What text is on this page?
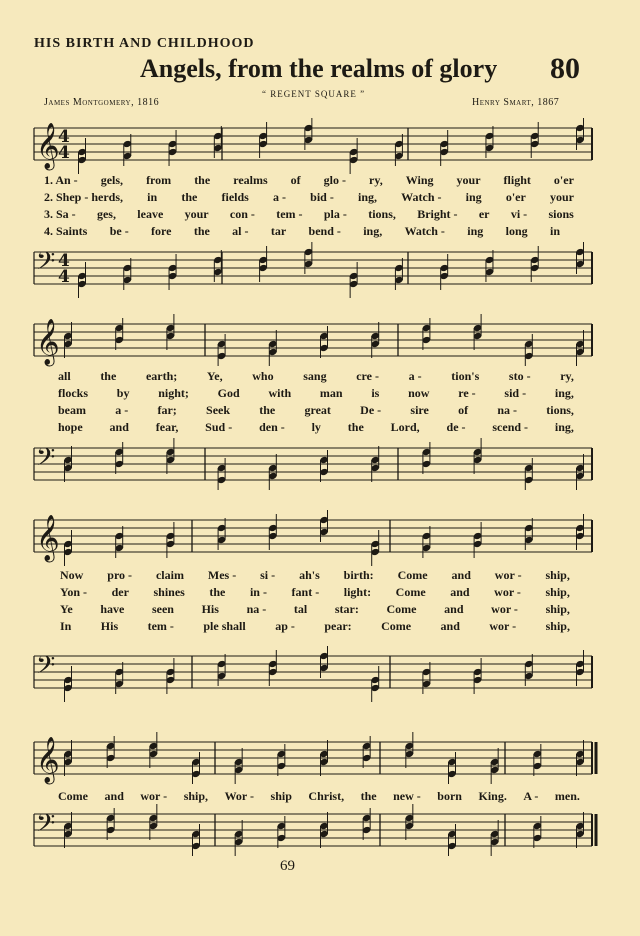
HIS BIRTH AND CHILDHOOD
Angels, from the realms of glory 80
James Montgomery, 1816
“ REGENT SQUARE ”
Henry Smart, 1867
𝄞
4
4
1. An - gels, from the realms of glo - ry, Wing your flight o'er
2. Shep - herds, in the fields a - bid - ing, Watch - ing o'er your
3. Sa - ges, leave your con - tem - pla - tions, Bright - er vi - sions
4. Saints be - fore the al - tar bend - ing, Watch - ing long in
𝄢 4
4
𝄞
all the earth; Ye, who sang cre - a - tion's sto - ry,
flocks by night; God with man is now re - sid - ing,
beam a - far; Seek the great De - sire of na - tions,
hope and fear, Sud - den - ly the Lord, de - scend - ing,
𝄢
𝄞
Now pro - claim Mes - si - ah's birth: Come and wor - ship,
Yon - der shines the in - fant - light: Come and wor - ship,
Ye have seen His na - tal star: Come and wor - ship,
In His tem - ple shall ap - pear: Come and wor - ship,
𝄢
𝄞
Come and wor - ship, Wor - ship Christ, the new - born King. A - men.
𝄢
69
